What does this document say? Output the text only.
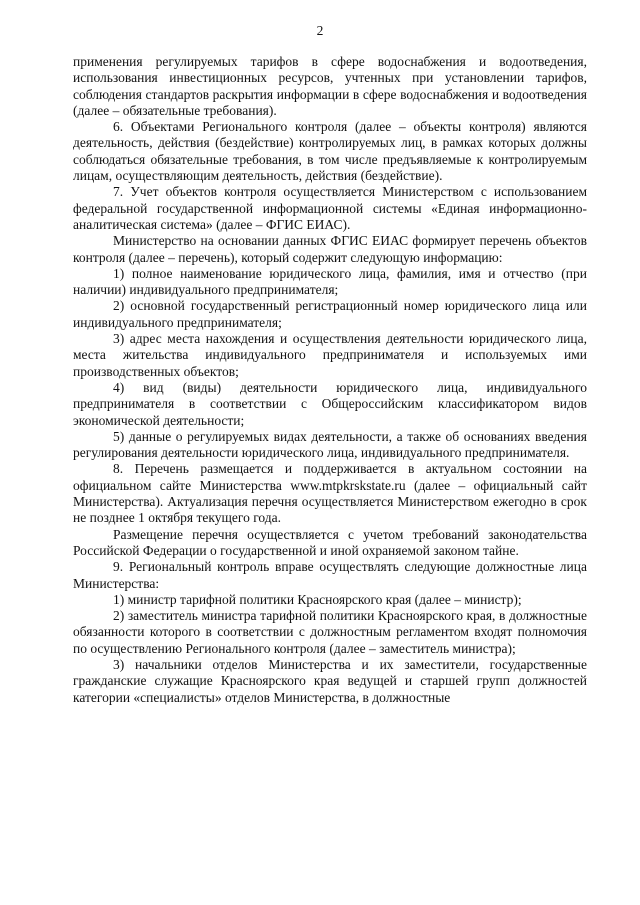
2

применения регулируемых тарифов в сфере водоснабжения и водоотведения, использования инвестиционных ресурсов, учтенных при установлении тарифов, соблюдения стандартов раскрытия информации в сфере водоснабжения и водоотведения (далее – обязательные требования).

6. Объектами Регионального контроля (далее – объекты контроля) являются деятельность, действия (бездействие) контролируемых лиц, в рамках которых должны соблюдаться обязательные требования, в том числе предъявляемые к контролируемым лицам, осуществляющим деятельность, действия (бездействие).

7. Учет объектов контроля осуществляется Министерством с использованием федеральной государственной информационной системы «Единая информационно-аналитическая система» (далее – ФГИС ЕИАС).

Министерство на основании данных ФГИС ЕИАС формирует перечень объектов контроля (далее – перечень), который содержит следующую информацию:

1) полное наименование юридического лица, фамилия, имя и отчество (при наличии) индивидуального предпринимателя;

2) основной государственный регистрационный номер юридического лица или индивидуального предпринимателя;

3) адрес места нахождения и осуществления деятельности юридического лица, места жительства индивидуального предпринимателя и используемых ими производственных объектов;

4) вид (виды) деятельности юридического лица, индивидуального предпринимателя в соответствии с Общероссийским классификатором видов экономической деятельности;

5) данные о регулируемых видах деятельности, а также об основаниях введения регулирования деятельности юридического лица, индивидуального предпринимателя.

8. Перечень размещается и поддерживается в актуальном состоянии на официальном сайте Министерства www.mtpkrskstate.ru (далее – официальный сайт Министерства). Актуализация перечня осуществляется Министерством ежегодно в срок не позднее 1 октября текущего года.

Размещение перечня осуществляется с учетом требований законодательства Российской Федерации о государственной и иной охраняемой законом тайне.

9. Региональный контроль вправе осуществлять следующие должностные лица Министерства:

1) министр тарифной политики Красноярского края (далее – министр);

2) заместитель министра тарифной политики Красноярского края, в должностные обязанности которого в соответствии с должностным регламентом входят полномочия по осуществлению Регионального контроля (далее – заместитель министра);

3) начальники отделов Министерства и их заместители, государственные гражданские служащие Красноярского края ведущей и старшей групп должностей категории «специалисты» отделов Министерства, в должностные
